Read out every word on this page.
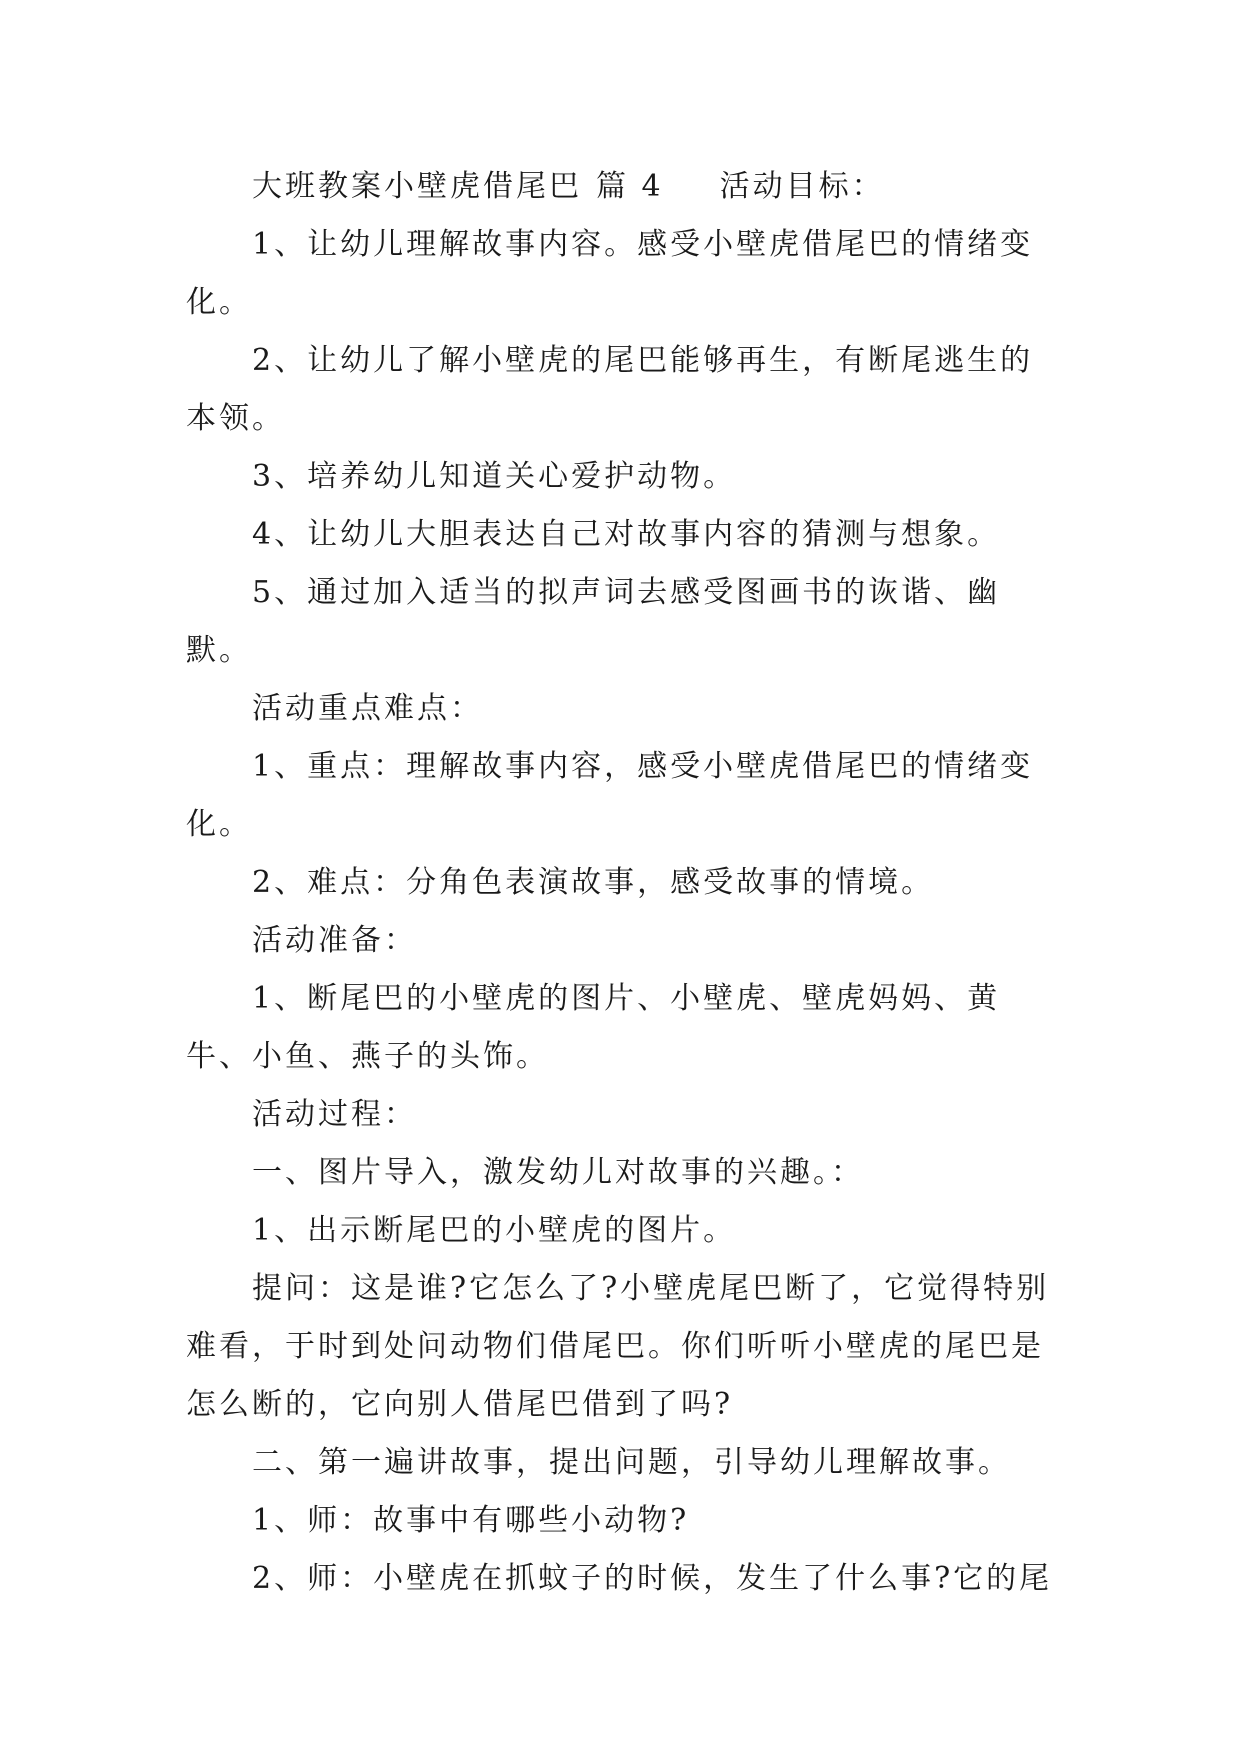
大班教案小壁虎借尾巴 篇 4 活动目标：

1、让幼儿理解故事内容。感受小壁虎借尾巴的情绪变化。

2、让幼儿了解小壁虎的尾巴能够再生，有断尾逃生的本领。

3、培养幼儿知道关心爱护动物。

4、让幼儿大胆表达自己对故事内容的猜测与想象。

5、通过加入适当的拟声词去感受图画书的诙谐、幽默。

活动重点难点：

1、重点：理解故事内容，感受小壁虎借尾巴的情绪变化。

2、难点：分角色表演故事，感受故事的情境。

活动准备：

1、断尾巴的小壁虎的图片、小壁虎、壁虎妈妈、黄牛、小鱼、燕子的头饰。

活动过程：

一、图片导入，激发幼儿对故事的兴趣。：

1、出示断尾巴的小壁虎的图片。

提问：这是谁?它怎么了?小壁虎尾巴断了，它觉得特别难看，于时到处问动物们借尾巴。你们听听小壁虎的尾巴是怎么断的，它向别人借尾巴借到了吗?

二、第一遍讲故事，提出问题，引导幼儿理解故事。

1、师：故事中有哪些小动物?

2、师：小壁虎在抓蚊子的时候，发生了什么事?它的尾
